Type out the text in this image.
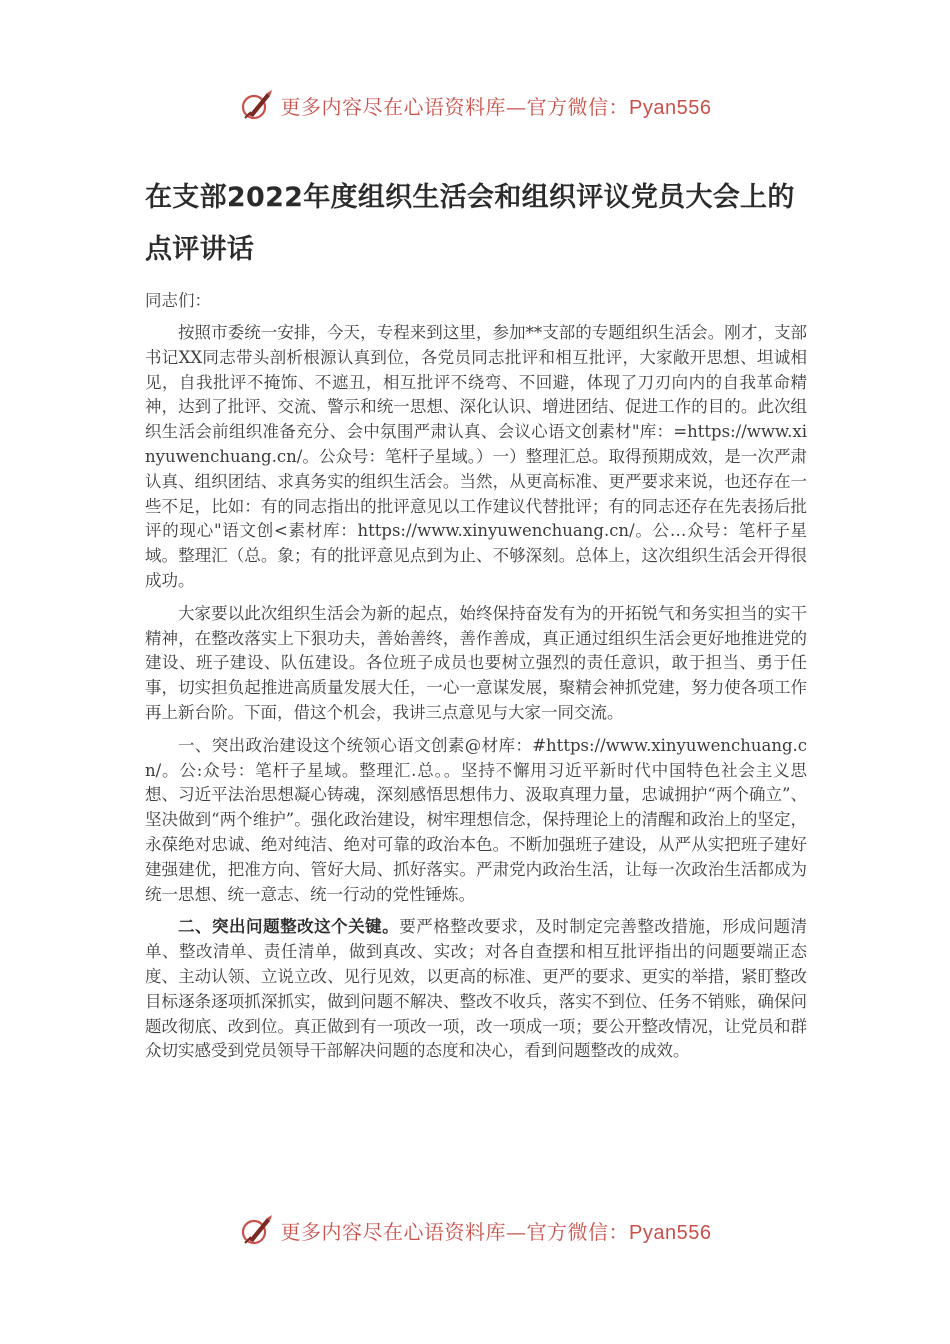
更多内容尽在心语资料库—官方微信：Pyan556
在支部2022年度组织生活会和组织评议党员大会上的点评讲话
同志们：

按照市委统一安排，今天，专程来到这里，参加**支部的专题组织生活会。刚才，支部书记XX同志带头剖析根源认真到位，各党员同志批评和相互批评，大家敞开思想、坦诚相见，自我批评不掩饰、不遮丑，相互批评不绕弯、不回避，体现了刀刃向内的自我革命精神，达到了批评、交流、警示和统一思想、深化认识、增进团结、促进工作的目的。此次组织生活会前组织准备充分、会中氛围严肃认真、会议心语文创素材"库：=https://www.xinyuwenchuang.cn/。公众号：笔杆子星域。）一）整理汇总。取得预期成效，是一次严肃认真、组织团结、求真务实的组织生活会。当然，从更高标准、更严要求来说，也还存在一些不足，比如：有的同志指出的批评意见以工作建议代替批评；有的同志还存在先表扬后批评的现心"语文创<素材库：https://www.xinyuwenchuang.cn/。公…众号：笔杆子星域。整理汇（总。象；有的批评意见点到为止、不够深刻。总体上，这次组织生活会开得很成功。

大家要以此次组织生活会为新的起点，始终保持奋发有为的开拓锐气和务实担当的实干精神，在整改落实上下狠功夫，善始善终，善作善成，真正通过组织生活会更好地推进党的建设、班子建设、队伍建设。各位班子成员也要树立强烈的责任意识，敢于担当、勇于任事，切实担负起推进高质量发展大任，一心一意谋发展，聚精会神抓党建，努力使各项工作再上新台阶。下面，借这个机会，我讲三点意见与大家一同交流。

一、突出政治建设这个统领心语文创素@材库：#https://www.xinyuwenchuang.cn/。公:众号：笔杆子星域。整理汇.总。。坚持不懈用习近平新时代中国特色社会主义思想、习近平法治思想凝心铸魂，深刻感悟思想伟力、汲取真理力量，忠诚拥护“两个确立”、坚决做到“两个维护”。强化政治建设，树牢理想信念，保持理论上的清醒和政治上的坚定，永葆绝对忠诚、绝对纯洁、绝对可靠的政治本色。不断加强班子建设，从严从实把班子建好建强建优，把准方向、管好大局、抓好落实。严肃党内政治生活，让每一次政治生活都成为统一思想、统一意志、统一行动的党性锤炼。

二、突出问题整改这个关键。要严格整改要求，及时制定完善整改措施，形成问题清单、整改清单、责任清单，做到真改、实改；对各自查摆和相互批评指出的问题要端正态度、主动认领、立说立改、见行见效，以更高的标准、更严的要求、更实的举措，紧盯整改目标逐条逐项抓深抓实，做到问题不解决、整改不收兵，落实不到位、任务不销账，确保问题改彻底、改到位。真正做到有一项改一项，改一项成一项；要公开整改情况，让党员和群众切实感受到党员领导干部解决问题的态度和决心，看到问题整改的成效。

更多内容尽在心语资料库—官方微信：Pyan556
